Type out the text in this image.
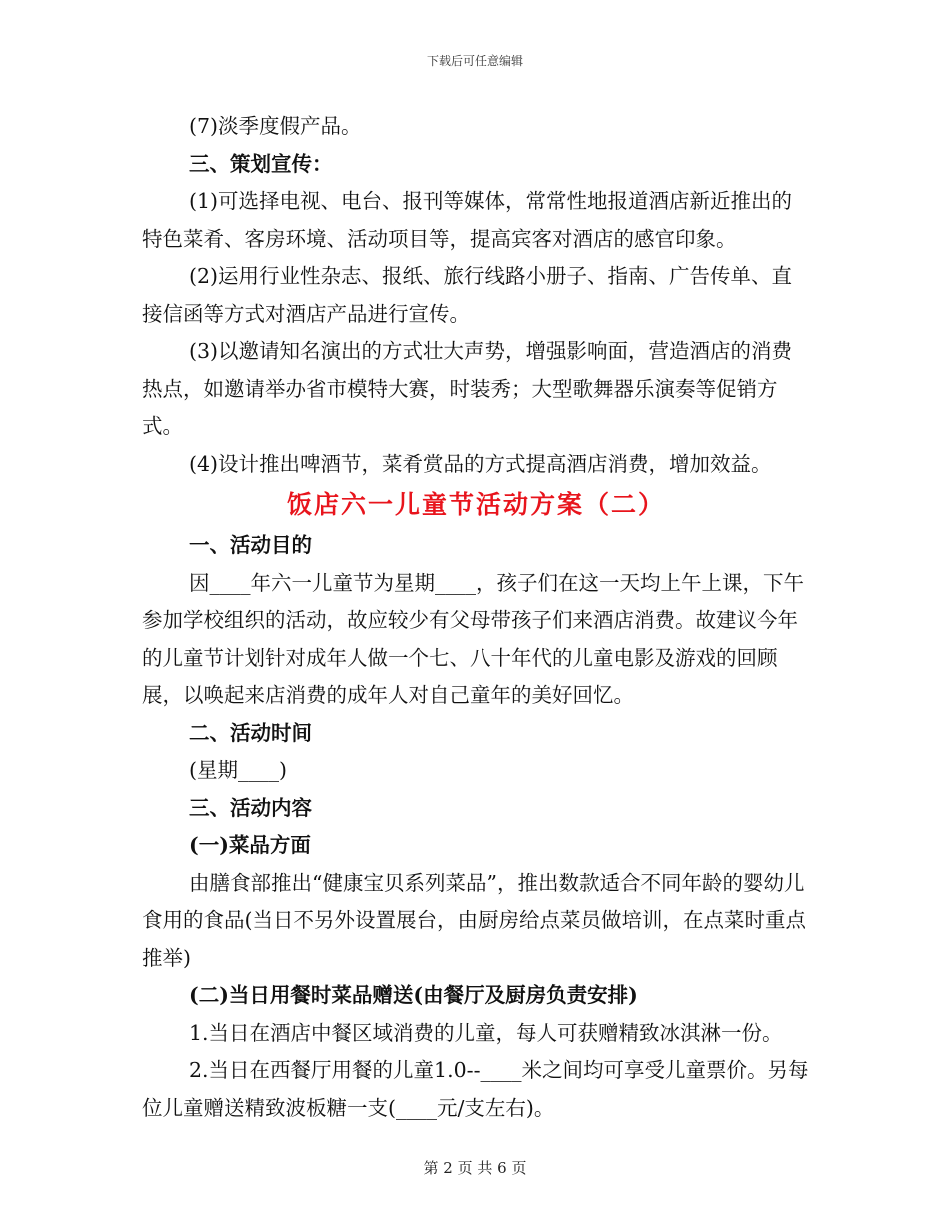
下载后可任意编辑

(7)淡季度假产品。

三、策划宣传：

(1)可选择电视、电台、报刊等媒体，常常性地报道酒店新近推出的特色菜肴、客房环境、活动项目等，提高宾客对酒店的感官印象。

(2)运用行业性杂志、报纸、旅行线路小册子、指南、广告传单、直接信函等方式对酒店产品进行宣传。

(3)以邀请知名演出的方式壮大声势，增强影响面，营造酒店的消费热点，如邀请举办省市模特大赛，时装秀；大型歌舞器乐演奏等促销方式。

(4)设计推出啤酒节，菜肴赏品的方式提高酒店消费，增加效益。

饭店六一儿童节活动方案（二）

一、活动目的

因____年六一儿童节为星期____，孩子们在这一天均上午上课，下午参加学校组织的活动，故应较少有父母带孩子们来酒店消费。故建议今年的儿童节计划针对成年人做一个七、八十年代的儿童电影及游戏的回顾展，以唤起来店消费的成年人对自己童年的美好回忆。

二、活动时间

(星期____)

三、活动内容

(一)菜品方面

由膳食部推出“健康宝贝系列菜品”，推出数款适合不同年龄的婴幼儿食用的食品(当日不另外设置展台，由厨房给点菜员做培训，在点菜时重点推举)

(二)当日用餐时菜品赠送(由餐厅及厨房负责安排)

1.当日在酒店中餐区域消费的儿童，每人可获赠精致冰淇淋一份。

2.当日在西餐厅用餐的儿童1.0--____米之间均可享受儿童票价。另每位儿童赠送精致波板糖一支(____元/支左右)。

第 2 页 共 6 页
